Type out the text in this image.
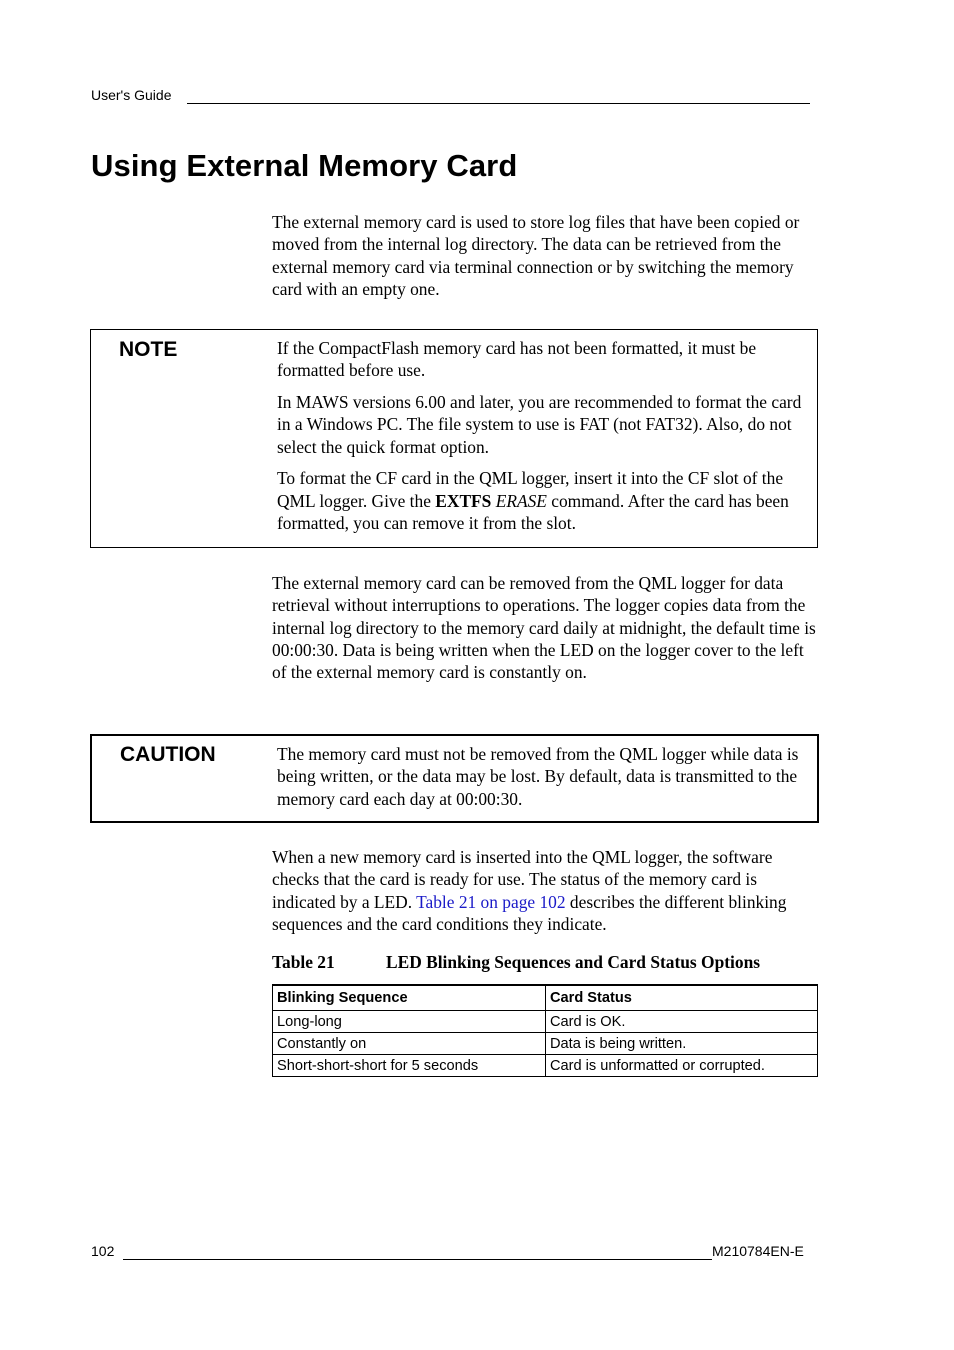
User's Guide
Using External Memory Card

The external memory card is used to store log files that have been copied or moved from the internal log directory. The data can be retrieved from the external memory card via terminal connection or by switching the memory card with an empty one.

NOTE	If the CompactFlash memory card has not been formatted, it must be formatted before use.

In MAWS versions 6.00 and later, you are recommended to format the card in a Windows PC. The file system to use is FAT (not FAT32). Also, do not select the quick format option.

To format the CF card in the QML logger, insert it into the CF slot of the QML logger. Give the EXTFS ERASE command. After the card has been formatted, you can remove it from the slot.

The external memory card can be removed from the QML logger for data retrieval without interruptions to operations. The logger copies data from the internal log directory to the memory card daily at midnight, the default time is 00:00:30. Data is being written when the LED on the logger cover to the left of the external memory card is constantly on.

CAUTION	The memory card must not be removed from the QML logger while data is being written, or the data may be lost. By default, data is transmitted to the memory card each day at 00:00:30.

When a new memory card is inserted into the QML logger, the software checks that the card is ready for use. The status of the memory card is indicated by a LED. Table 21 on page 102 describes the different blinking sequences and the card conditions they indicate.

Table 21	LED Blinking Sequences and Card Status Options
Blinking Sequence	Card Status
Long-long	Card is OK.
Constantly on	Data is being written.
Short-short-short for 5 seconds	Card is unformatted or corrupted.
102	M210784EN-E
